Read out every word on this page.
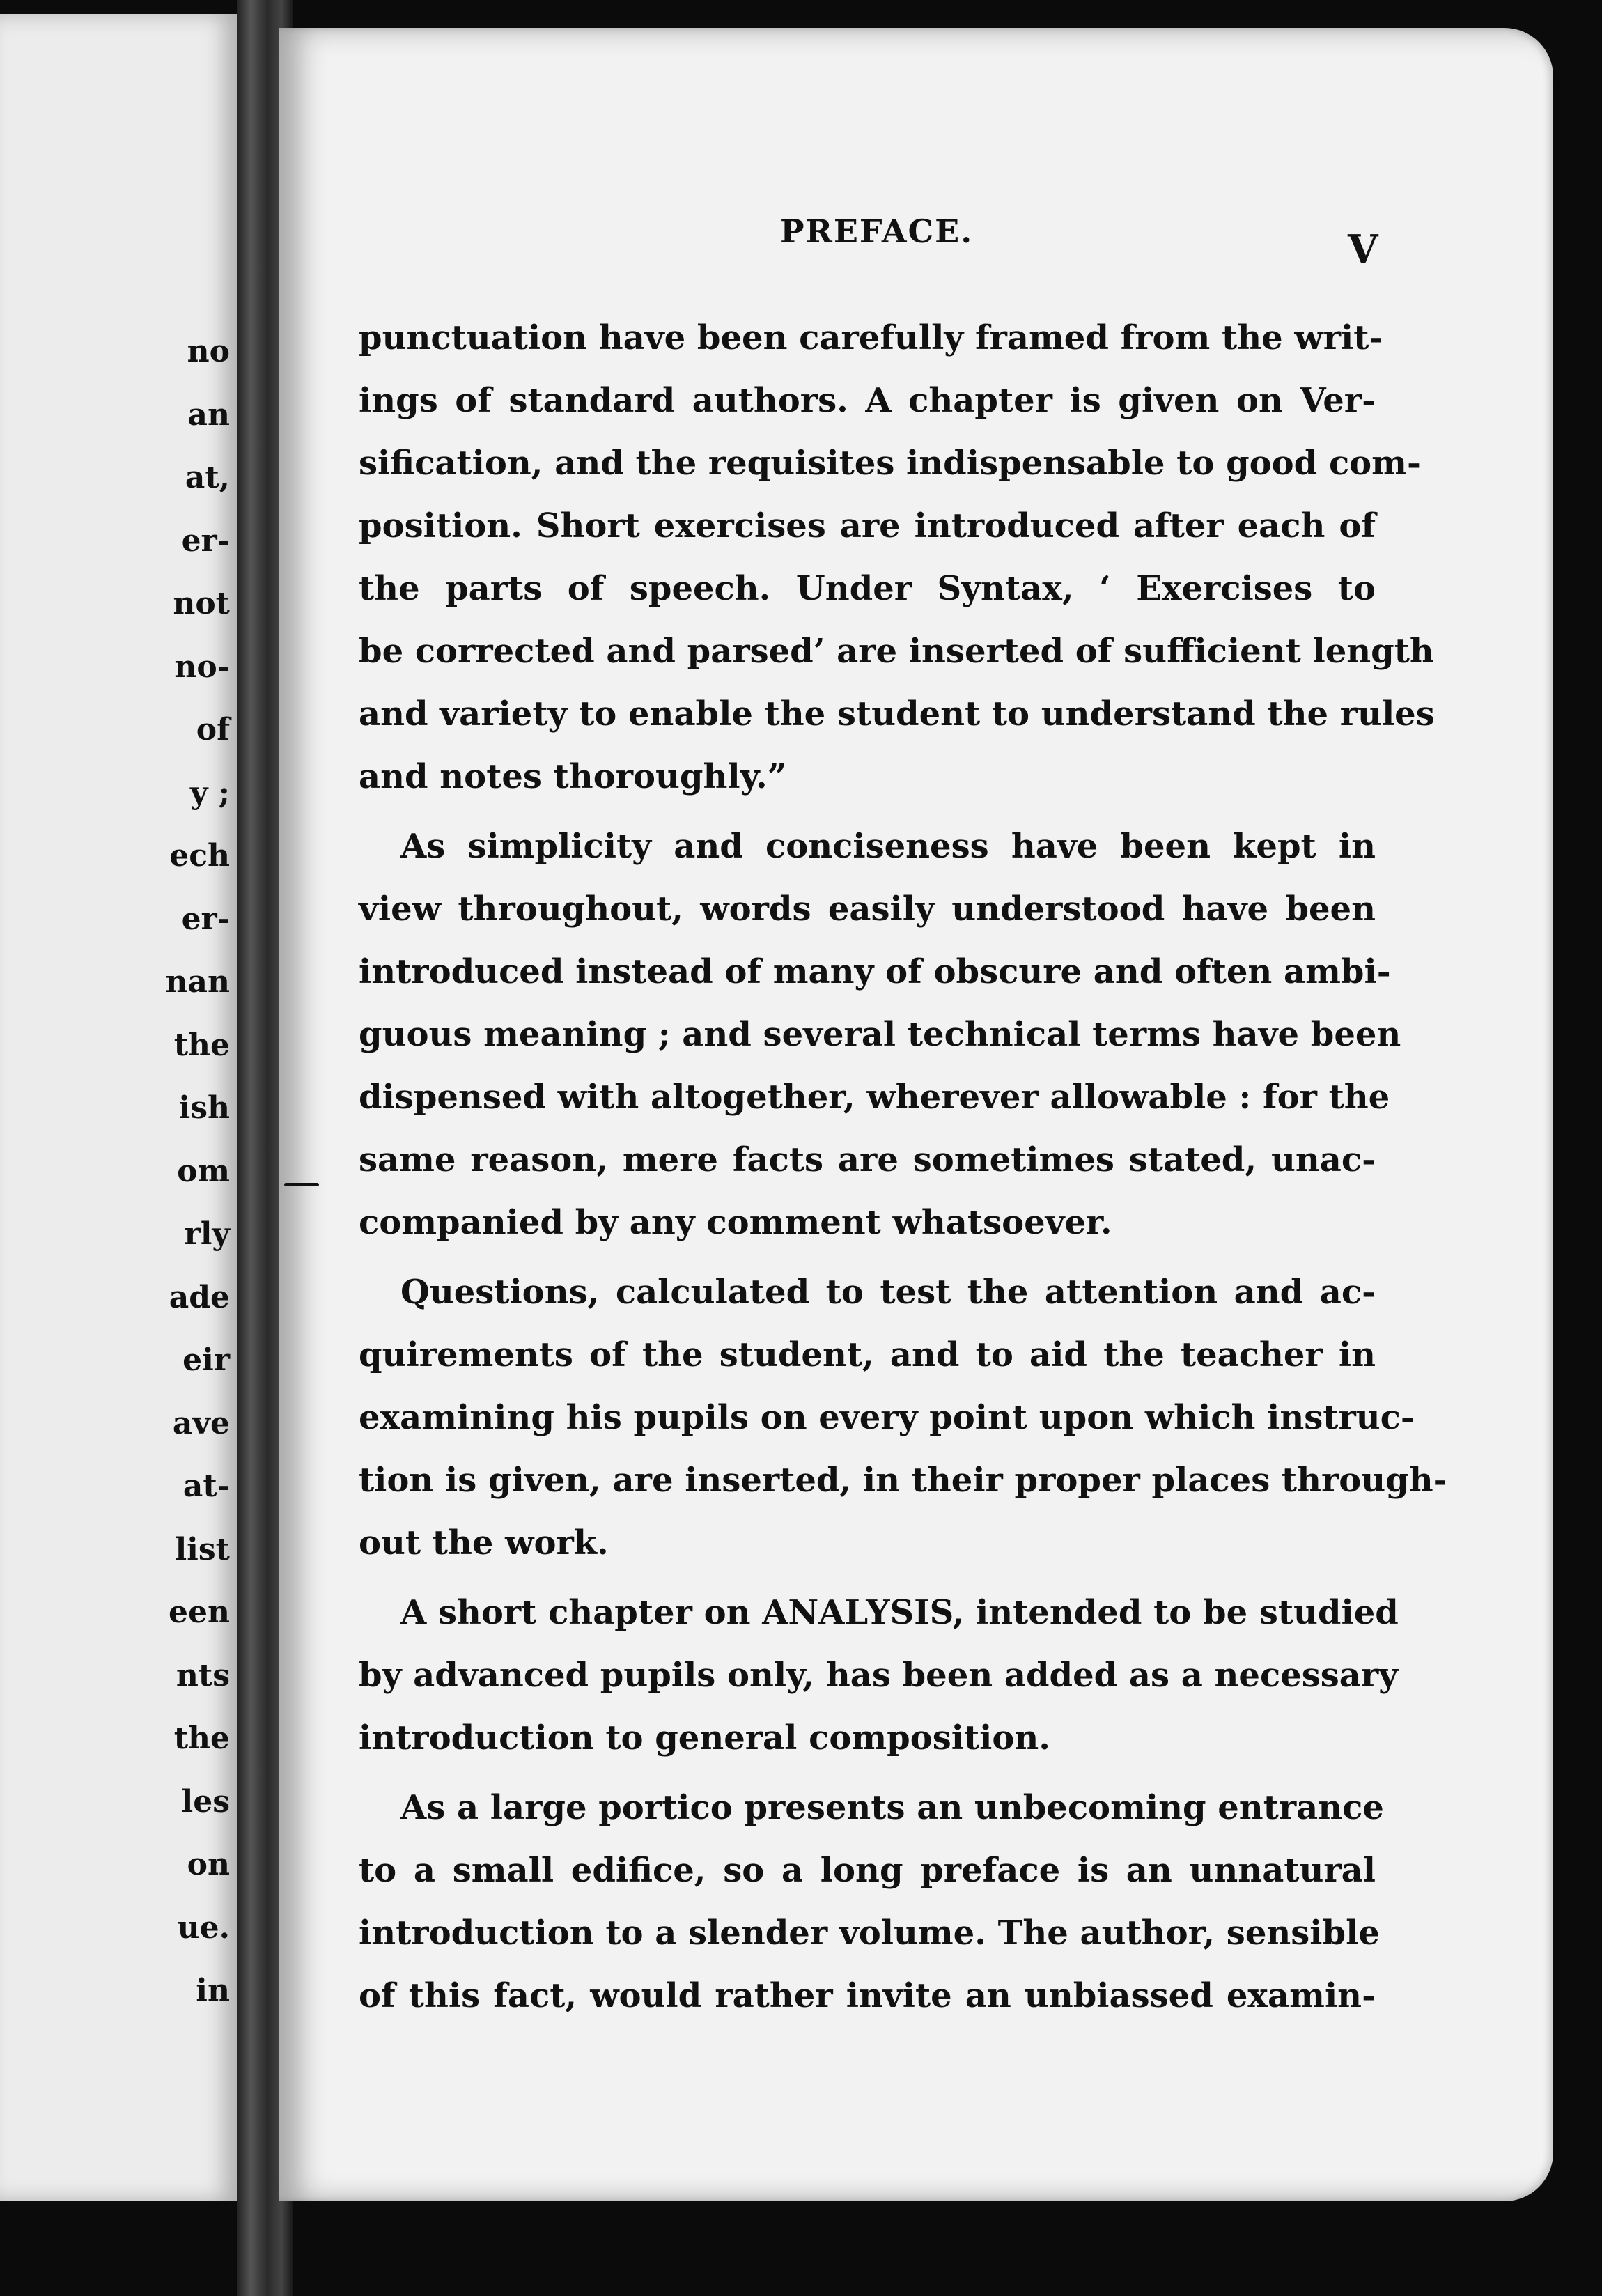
no
an
at,
er-
not
no-
of
y ;
ech
er-
nan
the
ish
om
rly
ade
eir
ave
at-
list
een
nts
the
les
on
ue.
in
PREFACE.	V

punctuation have been carefully framed from the writ-
ings of standard authors. A chapter is given on Ver-
sification, and the requisites indispensable to good com-
position. Short exercises are introduced after each of
the parts of speech. Under Syntax, ‘ Exercises to
be corrected and parsed’ are inserted of sufficient length
and variety to enable the student to understand the rules
and notes thoroughly.”

As simplicity and conciseness have been kept in
view throughout, words easily understood have been
introduced instead of many of obscure and often ambi-
guous meaning ; and several technical terms have been
dispensed with altogether, wherever allowable : for the
same reason, mere facts are sometimes stated, unac-
companied by any comment whatsoever.

Questions, calculated to test the attention and ac-
quirements of the student, and to aid the teacher in
examining his pupils on every point upon which instruc-
tion is given, are inserted, in their proper places through-
out the work.

A short chapter on ANALYSIS, intended to be studied
by advanced pupils only, has been added as a necessary
introduction to general composition.

As a large portico presents an unbecoming entrance
to a small edifice, so a long preface is an unnatural
introduction to a slender volume. The author, sensible
of this fact, would rather invite an unbiassed examin-
